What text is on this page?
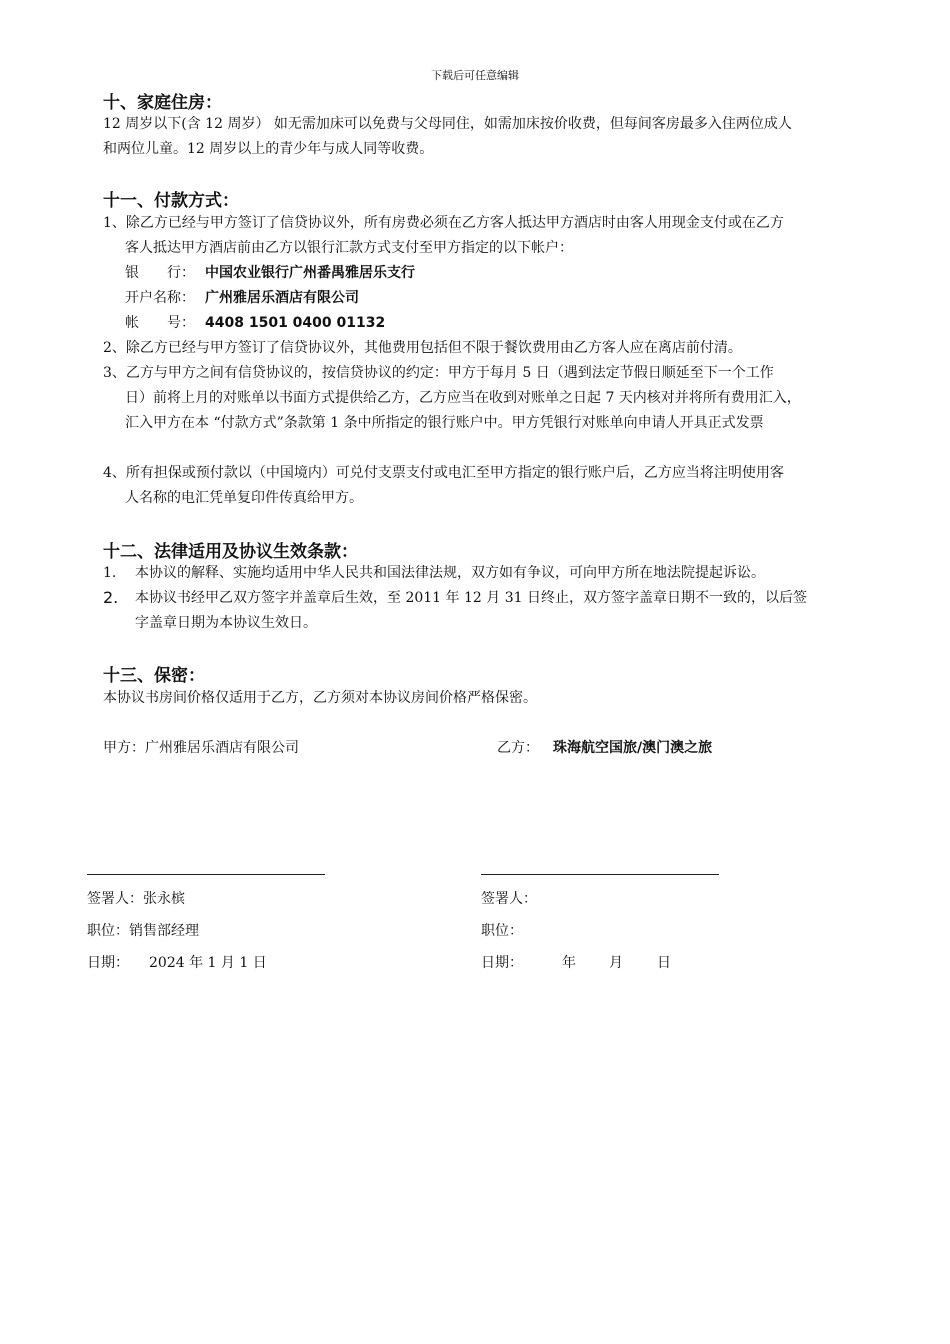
下载后可任意编辑
十、家庭住房：
12 周岁以下(含 12 周岁） 如无需加床可以免费与父母同住，如需加床按价收费，但每间客房最多入住两位成人
和两位儿童。12 周岁以上的青少年与成人同等收费。
十一、付款方式：
1、除乙方已经与甲方签订了信贷协议外，所有房费必须在乙方客人抵达甲方酒店时由客人用现金支付或在乙方
客人抵达甲方酒店前由乙方以银行汇款方式支付至甲方指定的以下帐户：
银　　行： 中国农业银行广州番禺雅居乐支行
开户名称： 广州雅居乐酒店有限公司
帐　　号： 4408 1501 0400 01132
2、除乙方已经与甲方签订了信贷协议外，其他费用包括但不限于餐饮费用由乙方客人应在离店前付清。
3、乙方与甲方之间有信贷协议的，按信贷协议的约定：甲方于每月 5 日（遇到法定节假日顺延至下一个工作
日）前将上月的对账单以书面方式提供给乙方，乙方应当在收到对账单之日起 7 天内核对并将所有费用汇入，
汇入甲方在本 “付款方式”条款第 1 条中所指定的银行账户中。甲方凭银行对账单向申请人开具正式发票
4、所有担保或预付款以（中国境内）可兑付支票支付或电汇至甲方指定的银行账户后，乙方应当将注明使用客
人名称的电汇凭单复印件传真给甲方。
十二、法律适用及协议生效条款：
1. 本协议的解释、实施均适用中华人民共和国法律法规，双方如有争议，可向甲方所在地法院提起诉讼。
2. 本协议书经甲乙双方签字并盖章后生效，至 2011 年 12 月 31 日终止，双方签字盖章日期不一致的，以后签
字盖章日期为本协议生效日。
十三、保密：
本协议书房间价格仅适用于乙方，乙方须对本协议房间价格严格保密。
甲方：广州雅居乐酒店有限公司	乙方： 珠海航空国旅/澳门澳之旅
签署人：张永槟
职位：销售部经理
日期： 2024 年 1 月 1 日
签署人：
职位：
日期：	年 月 日
